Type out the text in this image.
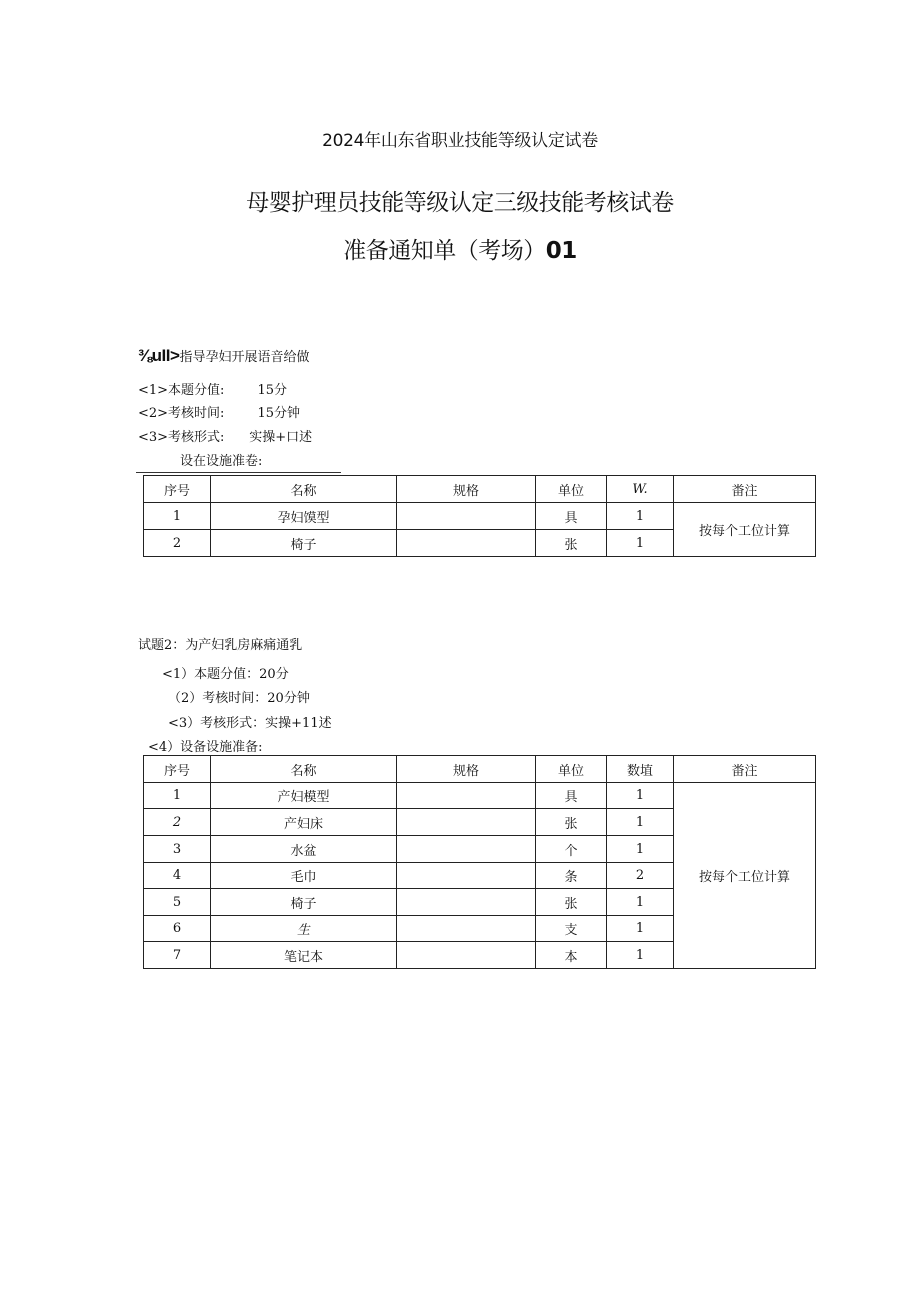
2024年山东省职业技能等级认定试卷
母婴护理员技能等级认定三级技能考核试卷
准备通知单（考场）01
⅜uII>指导孕妇开展语音给做
<1>本题分值:        15分
<2>考核时间:        15分钟
<3>考核形式:      实操+口述
设在设施准卷:
序号	名称	规格	单位	W.	畨注
1	孕妇馍型		具	1	按每个工位计算
2	椅子		张	1	
试题2：为产妇乳房麻痛通乳
<1）本题分值：20分
（2）考核时间：20分钟
<3）考核形式：实操+11述
<4）设备设施准备:
序号	名称	规格	单位	数埴	畨注
1	产妇模型		具	1	按每个工位计算
2	产妇床		张	1	
3	水盆		个	1	
4	毛巾		条	2	
5	椅子		张	1	
6	生		支	1	
7	笔记本		本	1	
